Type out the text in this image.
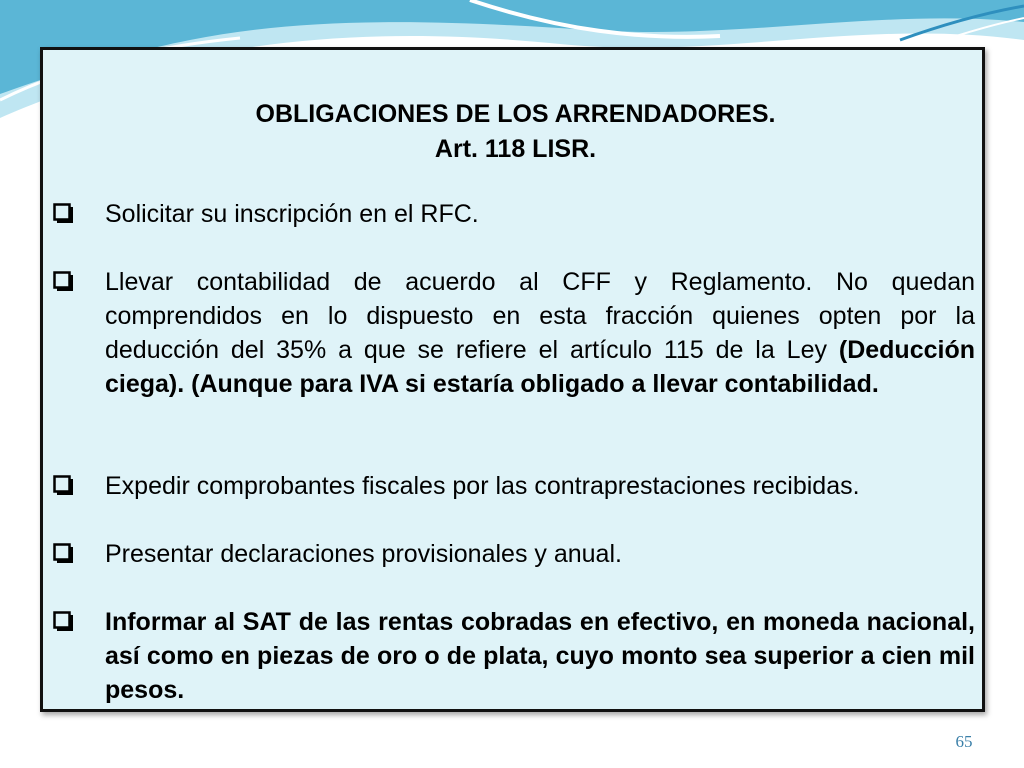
OBLIGACIONES DE LOS ARRENDADORES.
Art. 118 LISR.
Solicitar su inscripción en el RFC.
Llevar contabilidad de acuerdo al CFF y Reglamento. No quedan comprendidos en lo dispuesto en esta fracción quienes opten por la deducción del 35% a que se refiere el artículo 115 de la Ley (Deducción ciega). (Aunque para IVA si estaría obligado a llevar contabilidad.
Expedir comprobantes fiscales por las contraprestaciones recibidas.
Presentar declaraciones provisionales y anual.
Informar al SAT de las rentas cobradas en efectivo, en moneda nacional, así como en piezas de oro o de plata, cuyo monto sea superior a cien mil pesos.
65
